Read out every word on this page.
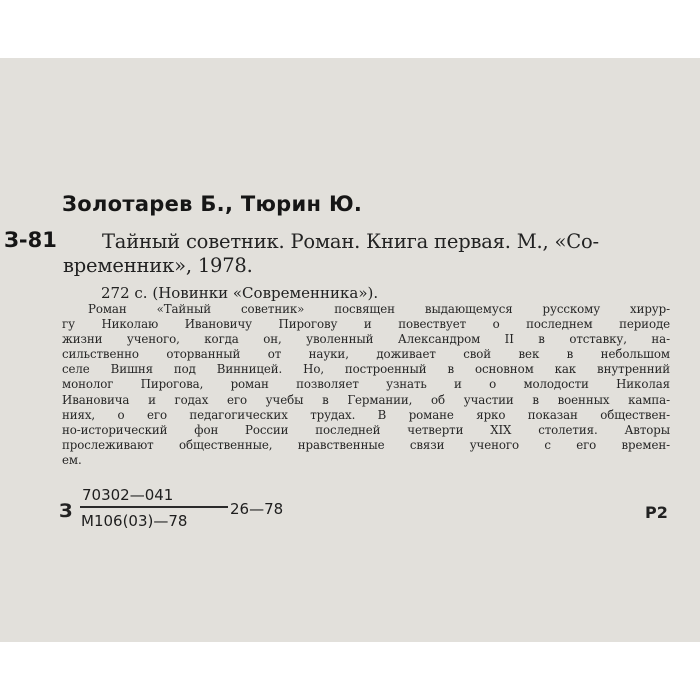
Золотарев Б., Тюрин Ю.
З-81 Тайный советник. Роман. Книга первая. М., «Со-
временник», 1978.
272 с. (Новинки «Современника»).
Роман «Тайный советник» посвящен выдающемуся русскому хирур-
гу Николаю Ивановичу Пирогову и повествует о последнем периоде
жизни ученого, когда он, уволенный Александром II в отставку, на-
сильственно оторванный от науки, доживает свой век в небольшом
селе Вишня под Винницей. Но, построенный в основном как внутренний
монолог Пирогова, роман позволяет узнать и о молодости Николая
Ивановича и годах его учебы в Германии, об участии в военных кампа-
ниях, о его педагогических трудах. В романе ярко показан обществен-
но-исторический фон России последней четверти XIX столетия. Авторы
прослеживают общественные, нравственные связи ученого с его времен-
ем.
З
70302—041
М106(03)—78
26—78	Р2
